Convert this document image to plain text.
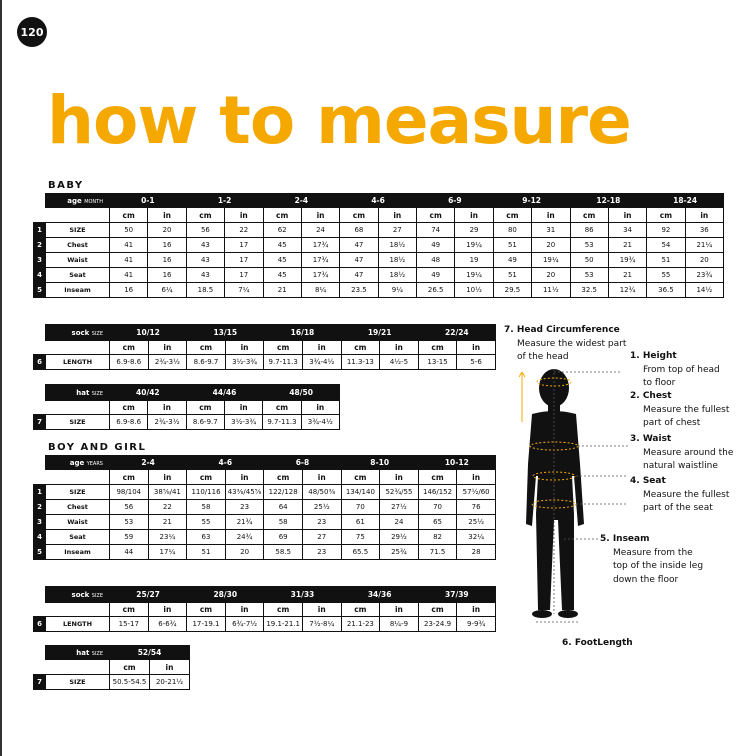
120
how to measure
BABY
	age MONTH	0-1		1-2		2-4		4-6		6-9		9-12		12-18		18-24	
		cm	in	cm	in	cm	in	cm	in	cm	in	cm	in	cm	in	cm	in
1	SIZE	50	20	56	22	62	24	68	27	74	29	80	31	86	34	92	36
2	Chest	41	16	43	17	45	17¾	47	18½	49	19¼	51	20	53	21	54	21¼
3	Waist	41	16	43	17	45	17¾	47	18½	48	19	49	19¼	50	19¾	51	20
4	Seat	41	16	43	17	45	17¾	47	18½	49	19¼	51	20	53	21	55	23¾
5	Inseam	16	6¼	18.5	7¼	21	8¼	23.5	9¼	26.5	10½	29.5	11½	32.5	12¾	36.5	14½
	sock SIZE	10/12		13/15		16/18		19/21		22/24	
		cm	in	cm	in	cm	in	cm	in	cm	in
6	LENGTH	6.9-8.6	2¾-3½	8.6-9.7	3½-3¾	9.7-11.3	3¾-4½	11.3-13	4½-5	13-15	5-6
	hat SIZE	40/42		44/46		48/50	
		cm	in	cm	in	cm	in
7	SIZE	6.9-8.6	2¾-3½	8.6-9.7	3½-3¾	9.7-11.3	3¾-4½
BOY AND GIRL
	age YEARS	2-4		4-6		6-8		8-10		10-12	
		cm	in	cm	in	cm	in	cm	in	cm	in
1	SIZE	98/104	38⅝/41	110/116	43⅜/45⅝	122/128	48/50⅜	134/140	52¾/55	146/152	57½/60
2	Chest	56	22	58	23	64	25½	70	27½	70	76
3	Waist	53	21	55	21¾	58	23	61	24	65	25½
4	Seat	59	23¼	63	24¾	69	27	75	29½	82	32¼
5	Inseam	44	17¼	51	20	58.5	23	65.5	25¾	71.5	28
	sock SIZE	25/27		28/30		31/33		34/36		37/39	
		cm	in	cm	in	cm	in	cm	in	cm	in
6	LENGTH	15-17	6-6¾	17-19.1	6¾-7½	19.1-21.1	7½-8¼	21.1-23	8¼-9	23-24.9	9-9¾
	hat SIZE	52/54	
		cm	in
7	SIZE	50.5-54.5	20-21½
7. Head Circumference
Measure the widest part
of the head	1. Height
From top of head
to floor
2. Chest
Measure the fullest
part of chest
3. Waist
Measure around the
natural waistline
4. Seat
Measure the fullest
part of the seat
5. Inseam
Measure from the
top of the inside leg
down the floor
6. FootLength
